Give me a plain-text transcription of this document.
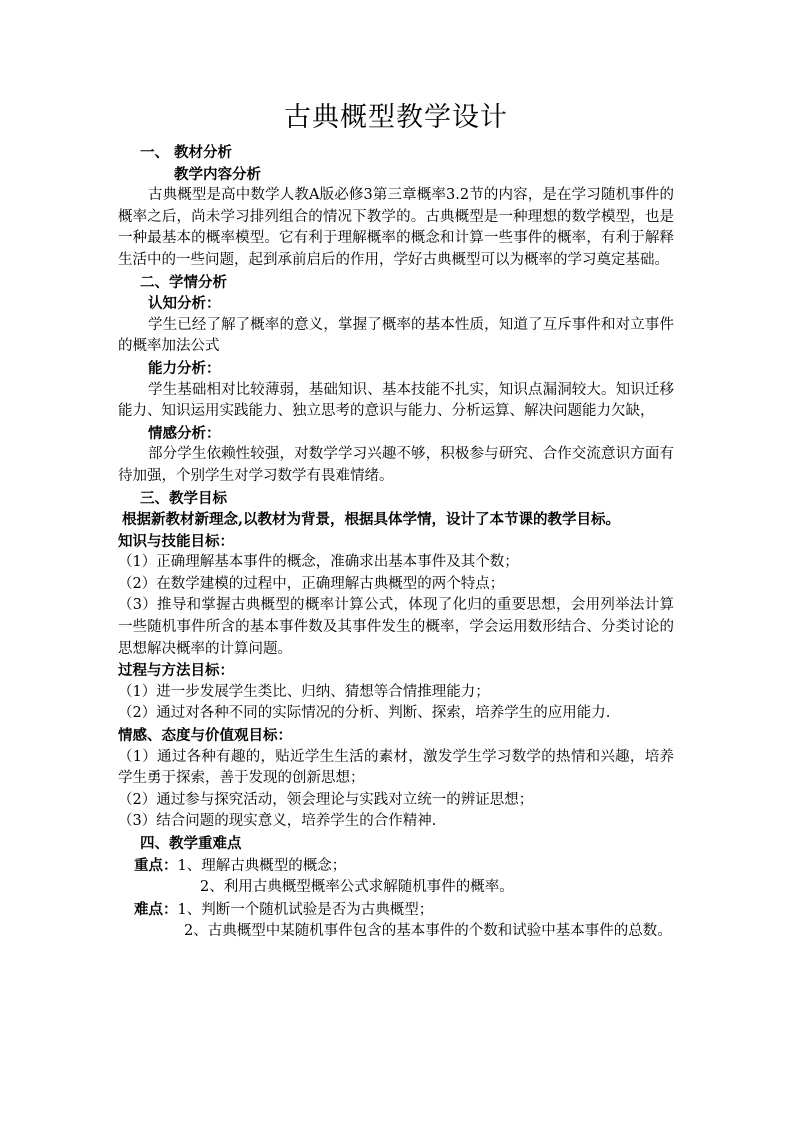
古典概型教学设计
一、 教材分析
教学内容分析
古典概型是高中数学人教A版必修3第三章概率3.2节的内容，是在学习随机事件的概率之后，尚未学习排列组合的情况下教学的。古典概型是一种理想的数学模型，也是一种最基本的概率模型。它有利于理解概率的概念和计算一些事件的概率，有利于解释生活中的一些问题，起到承前启后的作用，学好古典概型可以为概率的学习奠定基础。
二、学情分析
认知分析：
学生已经了解了概率的意义，掌握了概率的基本性质，知道了互斥事件和对立事件的概率加法公式
能力分析：
学生基础相对比较薄弱，基础知识、基本技能不扎实，知识点漏洞较大。知识迁移能力、知识运用实践能力、独立思考的意识与能力、分析运算、解决问题能力欠缺，
情感分析：
部分学生依赖性较强，对数学学习兴趣不够，积极参与研究、合作交流意识方面有待加强，个别学生对学习数学有畏难情绪。
三、教学目标
根据新教材新理念,以教材为背景，根据具体学情，设计了本节课的教学目标。
知识与技能目标：
（1）正确理解基本事件的概念，准确求出基本事件及其个数；
（2）在数学建模的过程中，正确理解古典概型的两个特点；
（3）推导和掌握古典概型的概率计算公式，体现了化归的重要思想，会用列举法计算一些随机事件所含的基本事件数及其事件发生的概率，学会运用数形结合、分类讨论的思想解决概率的计算问题。
过程与方法目标：
（1）进一步发展学生类比、归纳、猜想等合情推理能力；
（2）通过对各种不同的实际情况的分析、判断、探索，培养学生的应用能力.
情感、态度与价值观目标：
（1）通过各种有趣的，贴近学生生活的素材，激发学生学习数学的热情和兴趣，培养学生勇于探索，善于发现的创新思想；
（2）通过参与探究活动，领会理论与实践对立统一的辨证思想；
（3）结合问题的现实意义，培养学生的合作精神.
四、教学重难点
重点：1、理解古典概型的概念；
2、利用古典概型概率公式求解随机事件的概率。
难点：1、判断一个随机试验是否为古典概型；
2、古典概型中某随机事件包含的基本事件的个数和试验中基本事件的总数。
